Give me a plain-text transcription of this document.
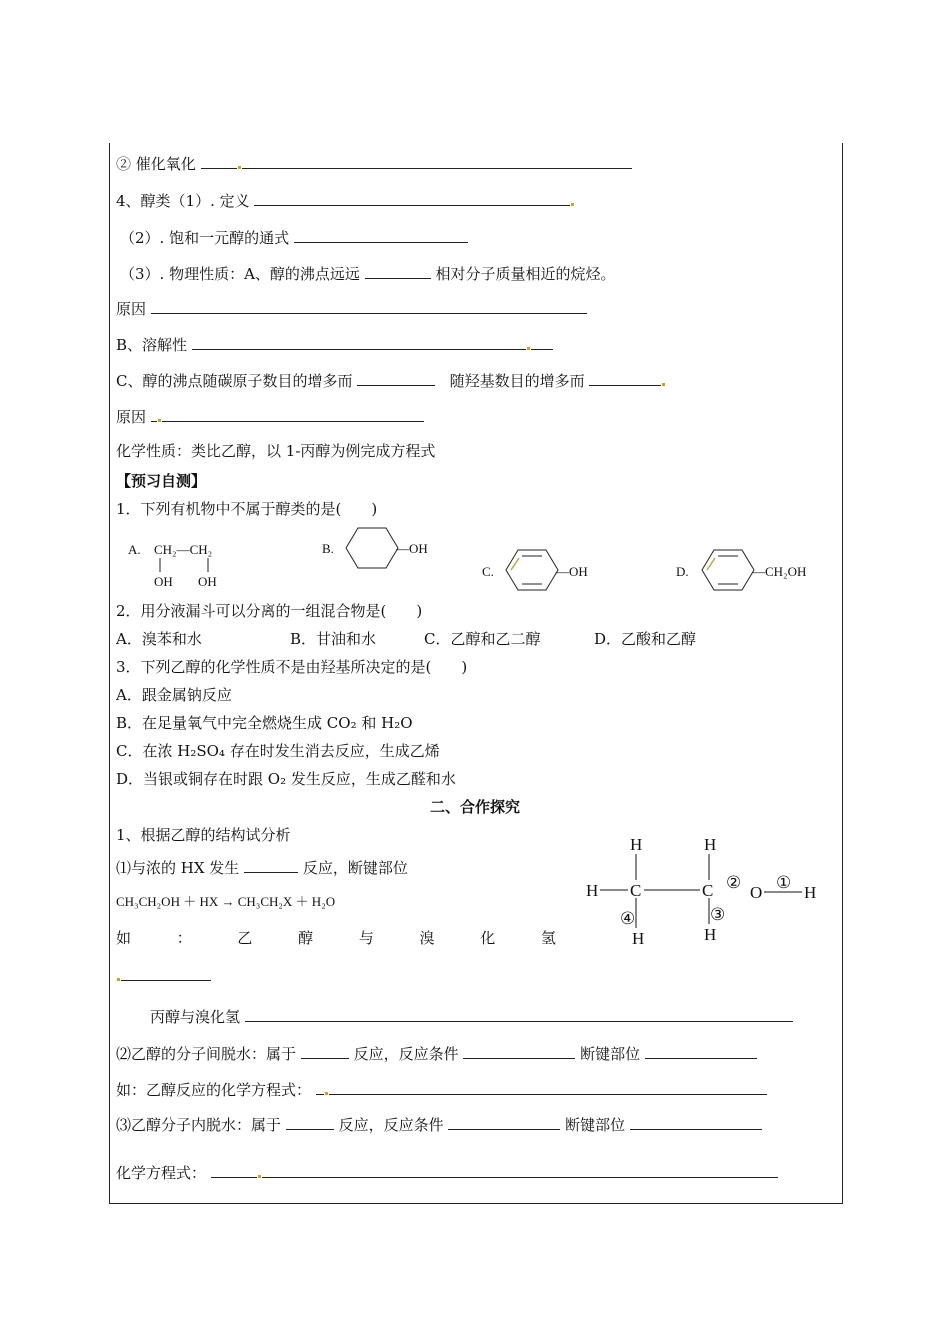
② 催化氧化
4、醇类（1）. 定义
（2）. 饱和一元醇的通式
（3）. 物理性质：A、醇的沸点远远	相对分子质量相近的烷烃。
原因
B、溶解性
C、醇的沸点随碳原子数目的增多而	随羟基数目的增多而
原因
化学性质：类比乙醇，以 1-丙醇为例完成方程式
【预习自测】
1．下列有机物中不属于醇类的是(　　)
A. CH₂—CH₂
OH OH
B.	—OH
C.	—OH	D.	—CH₂OH
2．用分液漏斗可以分离的一组混合物是(　　)
A．溴苯和水	B．甘油和水	C．乙醇和乙二醇	D．乙酸和乙醇
3．下列乙醇的化学性质不是由羟基所决定的是(　　)
A．跟金属钠反应
B．在足量氧气中完全燃烧生成 CO₂ 和 H₂O
C．在浓 H₂SO₄ 存在时发生消去反应，生成乙烯
D．当银或铜存在时跟 O₂ 发生反应，生成乙醛和水
二、合作探究
1、根据乙醇的结构试分析
⑴与浓的 HX 发生	反应，断键部位
CH₃CH₂OH ＋ HX → CH₃CH₂X ＋ H₂O
如	：	乙	醇	与	溴	化	氢
H	H
H C	C O H
H	H
①
②
③
④
丙醇与溴化氢
⑵乙醇的分子间脱水：属于	反应，反应条件	断键部位
如：乙醇反应的化学方程式：
⑶乙醇分子内脱水：属于	反应，反应条件	断键部位
化学方程式：
